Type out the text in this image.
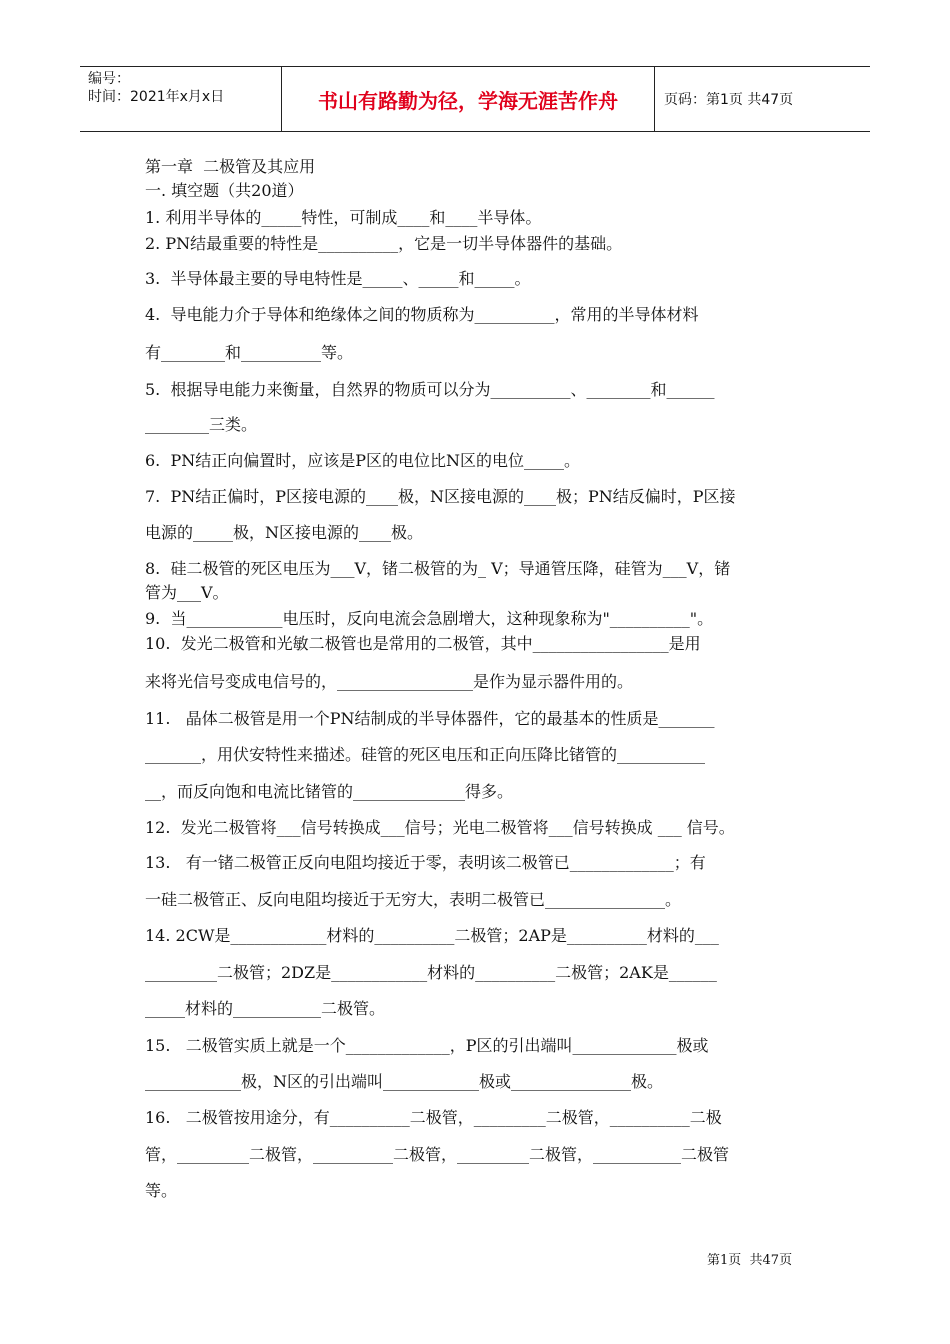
编号：
时间：2021年x月x日	书山有路勤为径，学海无涯苦作舟	页码：第1页 共47页
第一章  二极管及其应用
一. 填空题（共20道）
1. 利用半导体的_____特性，可制成____和____半导体。
2. PN结最重要的特性是__________，它是一切半导体器件的基础。
3.  半导体最主要的导电特性是_____、_____和_____。
4.  导电能力介于导体和绝缘体之间的物质称为__________，常用的半导体材料
有________和__________等。
5.  根据导电能力来衡量，自然界的物质可以分为__________、________和______
________三类。
6.  PN结正向偏置时，应该是P区的电位比N区的电位_____。
7.  PN结正偏时，P区接电源的____极，N区接电源的____极；PN结反偏时，P区接
电源的_____极，N区接电源的____极。
8.  硅二极管的死区电压为___V，锗二极管的为_ V；导通管压降，硅管为___V，锗
管为___V。
9.  当____________电压时，反向电流会急剧增大，这种现象称为"__________"。
10.  发光二极管和光敏二极管也是常用的二极管，其中_________________是用
来将光信号变成电信号的，_________________是作为显示器件用的。
11.   晶体二极管是用一个PN结制成的半导体器件，它的最基本的性质是_______
_______，用伏安特性来描述。硅管的死区电压和正向压降比锗管的___________
__，而反向饱和电流比锗管的______________得多。
12.  发光二极管将___信号转换成___信号；光电二极管将___信号转换成 ___ 信号。
13.   有一锗二极管正反向电阻均接近于零，表明该二极管已_____________；有
一硅二极管正、反向电阻均接近于无穷大，表明二极管已_______________。
14. 2CW是____________材料的__________二极管；2AP是__________材料的___
_________二极管；2DZ是____________材料的__________二极管；2AK是______
_____材料的___________二极管。
15.   二极管实质上就是一个_____________，P区的引出端叫_____________极或
____________极，N区的引出端叫____________极或_______________极。
16.   二极管按用途分，有__________二极管，_________二极管，__________二极
管，_________二极管，__________二极管，_________二极管，___________二极管
等。
第1页  共47页
